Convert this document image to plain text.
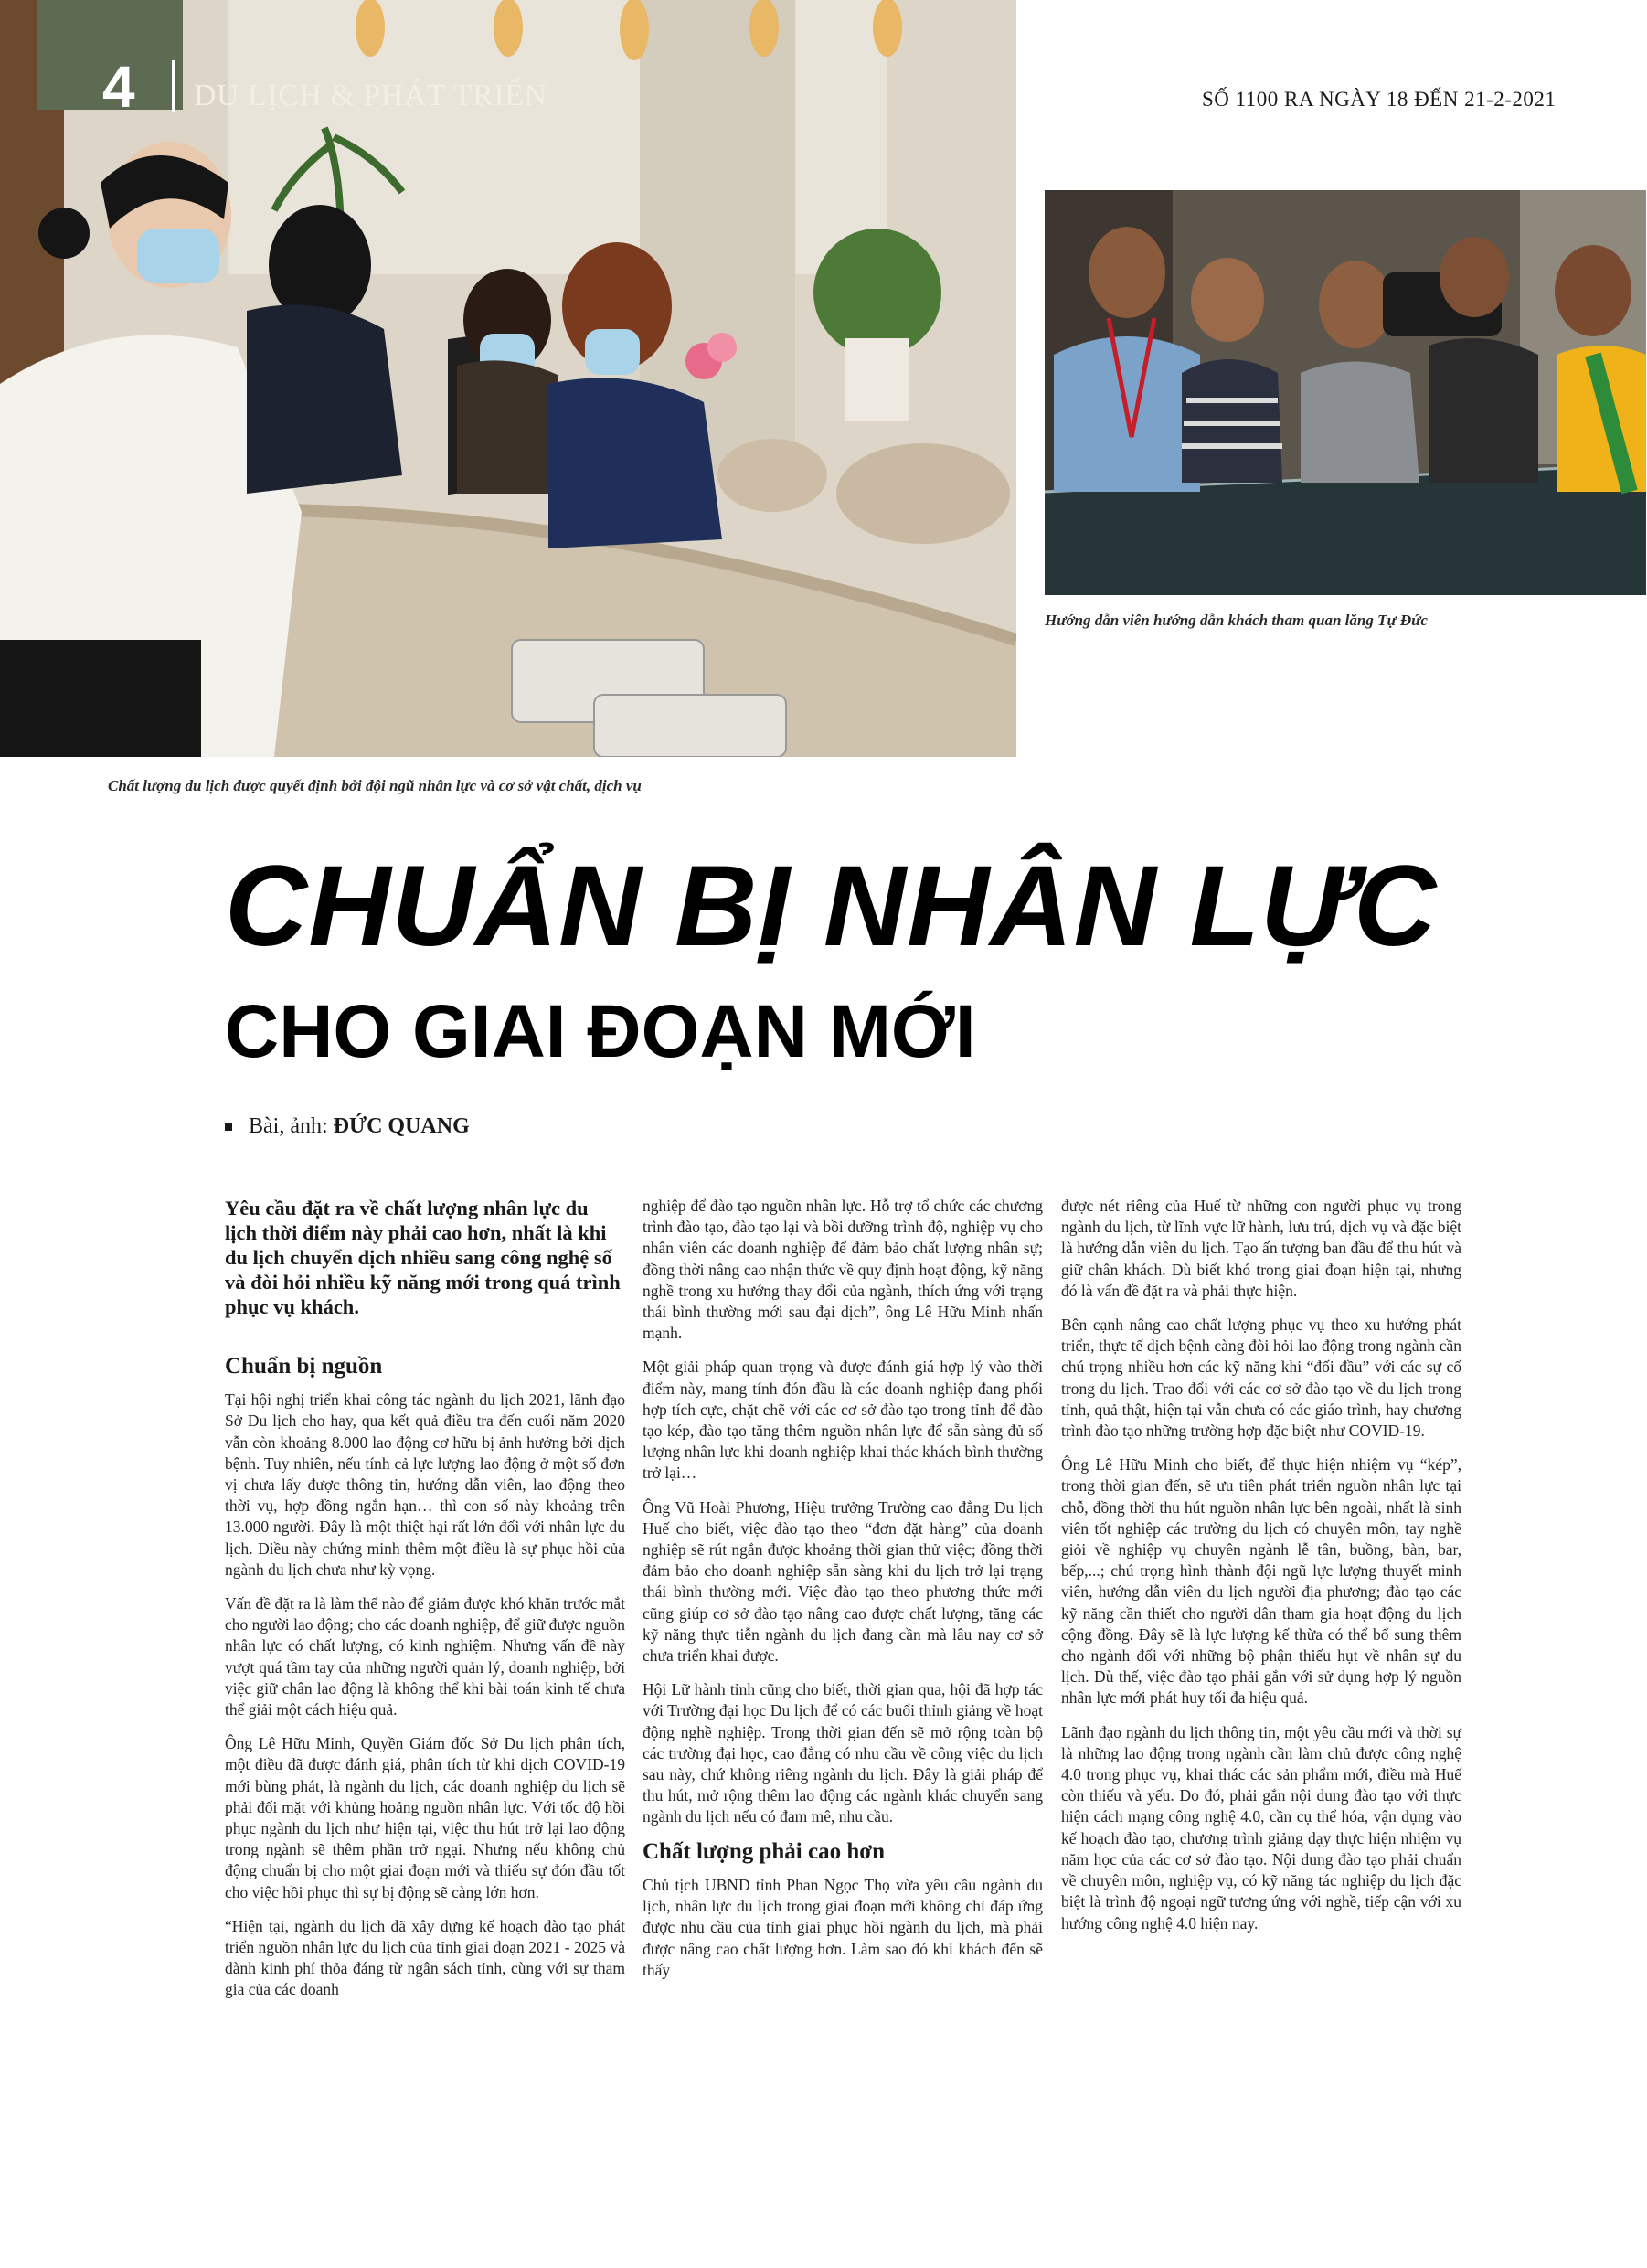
4 DU LỊCH & PHÁT TRIỂN	SỐ 1100 RA NGÀY 18 ĐẾN 21-2-2021
Hướng dẫn viên hướng dẫn khách tham quan lăng Tự Đức
Chất lượng du lịch được quyết định bởi đội ngũ nhân lực và cơ sở vật chất, dịch vụ
CHUẨN BỊ NHÂN LỰC
CHO GIAI ĐOẠN MỚI
Bài, ảnh: ĐỨC QUANG

Yêu cầu đặt ra về chất lượng nhân lực du lịch thời điểm này phải cao hơn, nhất là khi du lịch chuyển dịch nhiều sang công nghệ số và đòi hỏi nhiều kỹ năng mới trong quá trình phục vụ khách.

Chuẩn bị nguồn

Tại hội nghị triển khai công tác ngành du lịch 2021, lãnh đạo Sở Du lịch cho hay, qua kết quả điều tra đến cuối năm 2020 vẫn còn khoảng 8.000 lao động cơ hữu bị ảnh hưởng bởi dịch bệnh. Tuy nhiên, nếu tính cả lực lượng lao động ở một số đơn vị chưa lấy được thông tin, hướng dẫn viên, lao động theo thời vụ, hợp đồng ngắn hạn… thì con số này khoảng trên 13.000 người. Đây là một thiệt hại rất lớn đối với nhân lực du lịch. Điều này chứng minh thêm một điều là sự phục hồi của ngành du lịch chưa như kỳ vọng.

Vấn đề đặt ra là làm thế nào để giảm được khó khăn trước mắt cho người lao động; cho các doanh nghiệp, để giữ được nguồn nhân lực có chất lượng, có kinh nghiệm. Nhưng vấn đề này vượt quá tầm tay của những người quản lý, doanh nghiệp, bởi việc giữ chân lao động là không thể khi bài toán kinh tế chưa thể giải một cách hiệu quả.

Ông Lê Hữu Minh, Quyền Giám đốc Sở Du lịch phân tích, một điều đã được đánh giá, phân tích từ khi dịch COVID-19 mới bùng phát, là ngành du lịch, các doanh nghiệp du lịch sẽ phải đối mặt với khủng hoảng nguồn nhân lực. Với tốc độ hồi phục ngành du lịch như hiện tại, việc thu hút trở lại lao động trong ngành sẽ thêm phần trở ngại. Nhưng nếu không chủ động chuẩn bị cho một giai đoạn mới và thiếu sự đón đầu tốt cho việc hồi phục thì sự bị động sẽ càng lớn hơn.

“Hiện tại, ngành du lịch đã xây dựng kế hoạch đào tạo phát triển nguồn nhân lực du lịch của tỉnh giai đoạn 2021 - 2025 và dành kinh phí thỏa đáng từ ngân sách tỉnh, cùng với sự tham gia của các doanh

nghiệp để đào tạo nguồn nhân lực. Hỗ trợ tổ chức các chương trình đào tạo, đào tạo lại và bồi dưỡng trình độ, nghiệp vụ cho nhân viên các doanh nghiệp để đảm bảo chất lượng nhân sự; đồng thời nâng cao nhận thức về quy định hoạt động, kỹ năng nghề trong xu hướng thay đổi của ngành, thích ứng với trạng thái bình thường mới sau đại dịch”, ông Lê Hữu Minh nhấn mạnh.

Một giải pháp quan trọng và được đánh giá hợp lý vào thời điểm này, mang tính đón đầu là các doanh nghiệp đang phối hợp tích cực, chặt chẽ với các cơ sở đào tạo trong tỉnh để đào tạo kép, đào tạo tăng thêm nguồn nhân lực để sẵn sàng đủ số lượng nhân lực khi doanh nghiệp khai thác khách bình thường trở lại…

Ông Vũ Hoài Phương, Hiệu trưởng Trường cao đẳng Du lịch Huế cho biết, việc đào tạo theo “đơn đặt hàng” của doanh nghiệp sẽ rút ngắn được khoảng thời gian thử việc; đồng thời đảm bảo cho doanh nghiệp sẵn sàng khi du lịch trở lại trạng thái bình thường mới. Việc đào tạo theo phương thức mới cũng giúp cơ sở đào tạo nâng cao được chất lượng, tăng các kỹ năng thực tiễn ngành du lịch đang cần mà lâu nay cơ sở chưa triển khai được.

Hội Lữ hành tỉnh cũng cho biết, thời gian qua, hội đã hợp tác với Trường đại học Du lịch để có các buổi thỉnh giảng về hoạt động nghề nghiệp. Trong thời gian đến sẽ mở rộng toàn bộ các trường đại học, cao đẳng có nhu cầu về công việc du lịch sau này, chứ không riêng ngành du lịch. Đây là giải pháp để thu hút, mở rộng thêm lao động các ngành khác chuyển sang ngành du lịch nếu có đam mê, nhu cầu.

Chất lượng phải cao hơn

Chủ tịch UBND tỉnh Phan Ngọc Thọ vừa yêu cầu ngành du lịch, nhân lực du lịch trong giai đoạn mới không chỉ đáp ứng được nhu cầu của tỉnh giai phục hồi ngành du lịch, mà phải được nâng cao chất lượng hơn. Làm sao đó khi khách đến sẽ thấy

được nét riêng của Huế từ những con người phục vụ trong ngành du lịch, từ lĩnh vực lữ hành, lưu trú, dịch vụ và đặc biệt là hướng dẫn viên du lịch. Tạo ấn tượng ban đầu để thu hút và giữ chân khách. Dù biết khó trong giai đoạn hiện tại, nhưng đó là vấn đề đặt ra và phải thực hiện.

Bên cạnh nâng cao chất lượng phục vụ theo xu hướng phát triển, thực tế dịch bệnh càng đòi hỏi lao động trong ngành cần chú trọng nhiều hơn các kỹ năng khi “đối đầu” với các sự cố trong du lịch. Trao đổi với các cơ sở đào tạo về du lịch trong tỉnh, quả thật, hiện tại vẫn chưa có các giáo trình, hay chương trình đào tạo những trường hợp đặc biệt như COVID-19.

Ông Lê Hữu Minh cho biết, để thực hiện nhiệm vụ “kép”, trong thời gian đến, sẽ ưu tiên phát triển nguồn nhân lực tại chỗ, đồng thời thu hút nguồn nhân lực bên ngoài, nhất là sinh viên tốt nghiệp các trường du lịch có chuyên môn, tay nghề giỏi về nghiệp vụ chuyên ngành lễ tân, buồng, bàn, bar, bếp,...; chú trọng hình thành đội ngũ lực lượng thuyết minh viên, hướng dẫn viên du lịch người địa phương; đào tạo các kỹ năng cần thiết cho người dân tham gia hoạt động du lịch cộng đồng. Đây sẽ là lực lượng kế thừa có thể bổ sung thêm cho ngành đối với những bộ phận thiếu hụt về nhân sự du lịch. Dù thế, việc đào tạo phải gắn với sử dụng hợp lý nguồn nhân lực mới phát huy tối đa hiệu quả.

Lãnh đạo ngành du lịch thông tin, một yêu cầu mới và thời sự là những lao động trong ngành cần làm chủ được công nghệ 4.0 trong phục vụ, khai thác các sản phẩm mới, điều mà Huế còn thiếu và yếu. Do đó, phải gắn nội dung đào tạo với thực hiện cách mạng công nghệ 4.0, cần cụ thể hóa, vận dụng vào kế hoạch đào tạo, chương trình giảng dạy thực hiện nhiệm vụ năm học của các cơ sở đào tạo. Nội dung đào tạo phải chuẩn về chuyên môn, nghiệp vụ, có kỹ năng tác nghiệp du lịch đặc biệt là trình độ ngoại ngữ tương ứng với nghề, tiếp cận với xu hướng công nghệ 4.0 hiện nay.
